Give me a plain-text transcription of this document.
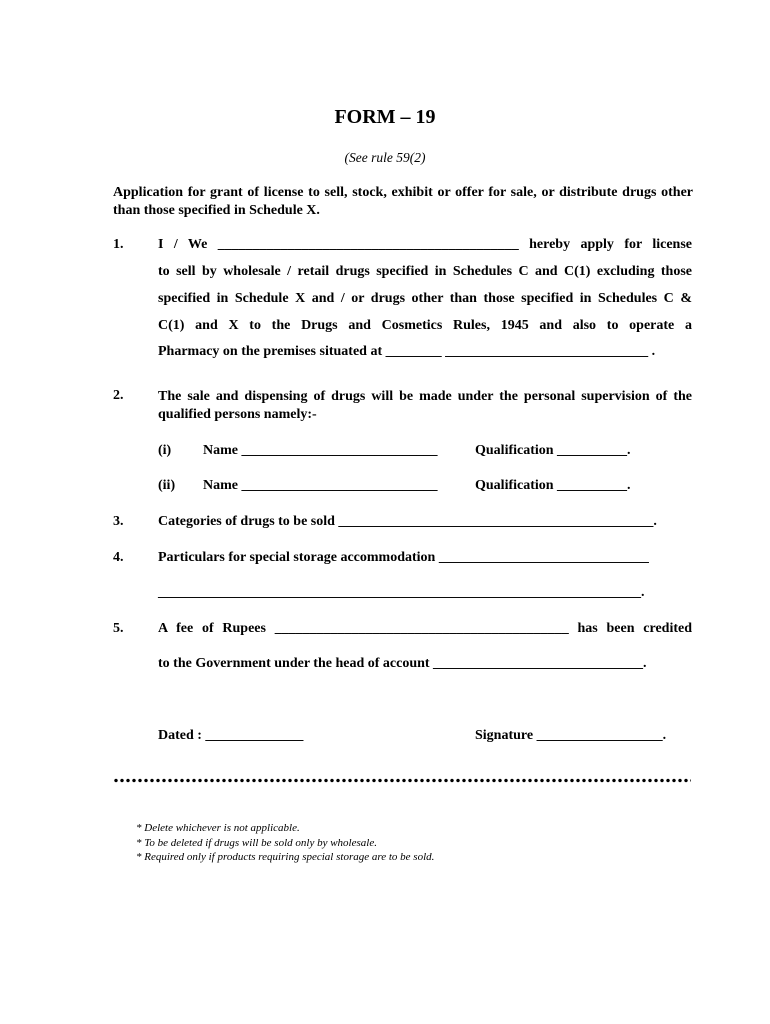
FORM – 19
(See rule 59(2)
Application for grant of license to sell, stock, exhibit or offer for sale, or distribute drugs other than those specified in Schedule X.
1. I / We ___________________________________________ hereby apply for license
to sell by wholesale / retail drugs specified in Schedules C and C(1) excluding those
specified in Schedule X and / or drugs other than those specified in Schedules C &
C(1) and X to the Drugs and Cosmetics Rules, 1945 and also to operate a
Pharmacy on the premises situated at ________ _____________________________ .
2. The sale and dispensing of drugs will be made under the personal supervision of the qualified persons namely:-
(i) Name ____________________________	Qualification __________.
(ii) Name ____________________________	Qualification __________.
3. Categories of drugs to be sold _____________________________________________.
4. Particulars for special storage accommodation ______________________________
_____________________________________________________________________.
5. A fee of Rupees __________________________________________ has been credited
to the Government under the head of account ______________________________.
Dated : ______________	Signature __________________.
* Delete whichever is not applicable.
* To be deleted if drugs will be sold only by wholesale.
* Required only if products requiring special storage are to be sold.
